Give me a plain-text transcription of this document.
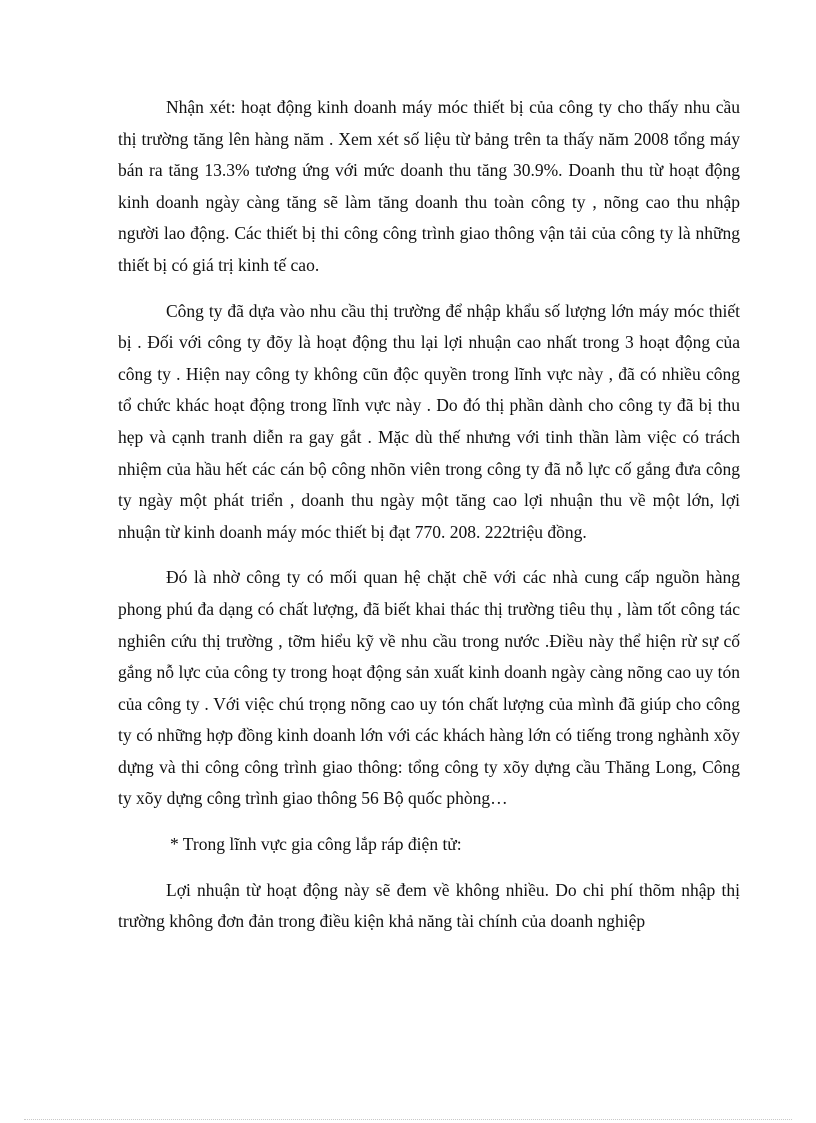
Nhận xét: hoạt động kinh doanh máy móc thiết bị của công ty cho thấy nhu cầu thị trường tăng lên hàng năm . Xem xét số liệu từ bảng trên ta thấy năm 2008 tổng máy bán ra tăng 13.3% tương ứng với mức doanh thu tăng 30.9%. Doanh thu từ hoạt động kinh doanh ngày càng tăng sẽ làm tăng doanh thu toàn công ty , nõng cao thu nhập người lao động. Các thiết bị thi công công trình giao thông vận tải của công ty là những thiết bị có giá trị kinh tế cao.

Công ty đã dựa vào nhu cầu thị trường để nhập khẩu số lượng lớn máy móc thiết bị . Đối với công ty đõy là hoạt động thu lại lợi nhuận cao nhất trong 3 hoạt động của công ty . Hiện nay công ty không cũn độc quyền trong lĩnh vực này , đã có nhiều công tổ chức khác hoạt động trong lĩnh vực này . Do đó thị phần dành cho công ty đã bị thu hẹp và cạnh tranh diễn ra gay gắt . Mặc dù thế nhưng với tinh thần làm việc có trách nhiệm của hầu hết các cán bộ công nhõn viên trong công ty đã nỗ lực cố gắng đưa công ty ngày một phát triển , doanh thu ngày một tăng cao lợi nhuận thu về một lớn, lợi nhuận từ kinh doanh máy móc thiết bị đạt 770. 208. 222triệu đồng.

Đó là nhờ công ty có mối quan hệ chặt chẽ với các nhà cung cấp nguồn hàng phong phú đa dạng có chất lượng, đã biết khai thác thị trường tiêu thụ , làm tốt công tác nghiên cứu thị trường , tỡm hiểu kỹ về nhu cầu trong nước .Điều này thể hiện rừ sự cố gắng nỗ lực của công ty trong hoạt động sản xuất kinh doanh ngày càng nõng cao uy tón của công ty . Với việc chú trọng nõng cao uy tón chất lượng của mình đã giúp cho công ty có những hợp đồng kinh doanh lớn với các khách hàng lớn có tiếng trong nghành xõy dựng và thi công công trình giao thông: tổng công ty xõy dựng cầu Thăng Long, Công ty xõy dựng công trình giao thông 56 Bộ quốc phòng…

* Trong lĩnh vực gia công lắp ráp điện tử:

Lợi nhuận từ hoạt động này sẽ đem về không nhiều. Do chi phí thõm nhập thị trường không đơn đản trong điều kiện khả năng tài chính của doanh nghiệp
